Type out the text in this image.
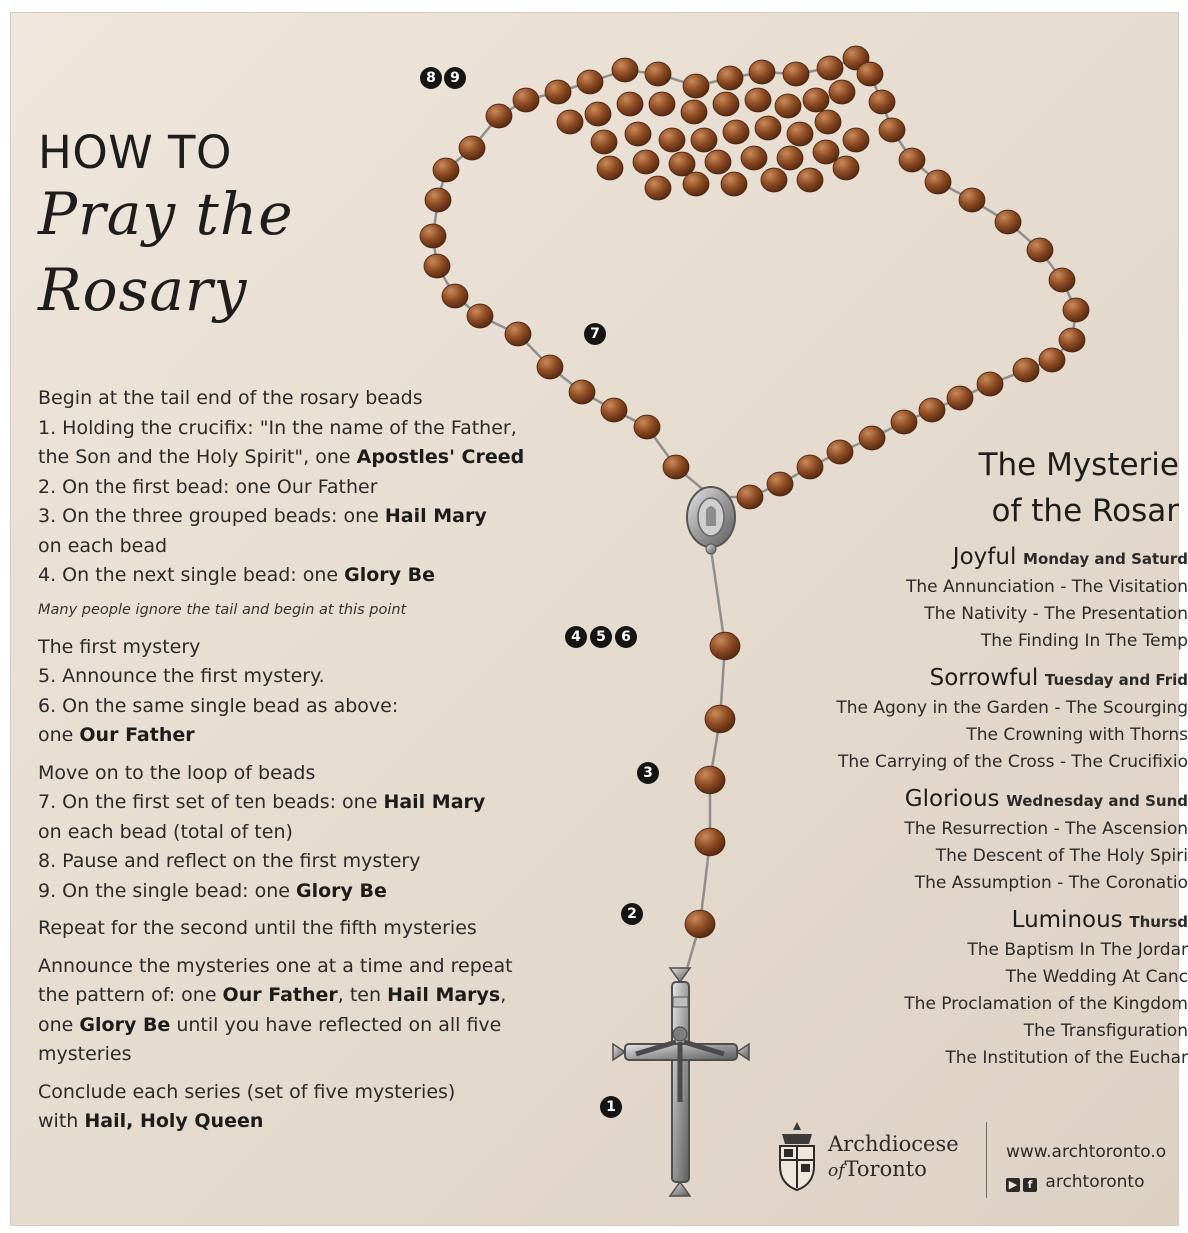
HOW TO
Pray the
Rosary
Begin at the tail end of the rosary beads
1. Holding the crucifix: "In the name of the Father,
the Son and the Holy Spirit", one Apostles' Creed
2. On the first bead: one Our Father
3. On the three grouped beads: one Hail Mary
on each bead
4. On the next single bead: one Glory Be
Many people ignore the tail and begin at this point
The first mystery
5. Announce the first mystery.
6. On the same single bead as above:
one Our Father
Move on to the loop of beads
7. On the first set of ten beads: one Hail Mary
on each bead (total of ten)
8. Pause and reflect on the first mystery
9. On the single bead: one Glory Be
Repeat for the second until the fifth mysteries
Announce the mysteries one at a time and repeat
the pattern of: one Our Father, ten Hail Marys,
one Glory Be until you have reflected on all five
mysteries
Conclude each series (set of five mysteries)
with Hail, Holy Queen
The Mysterie
of the Rosar
Joyful Monday and Saturd
The Annunciation - The Visitation
The Nativity - The Presentation
The Finding In The Temp
Sorrowful Tuesday and Frid
The Agony in the Garden - The Scourging
The Crowning with Thorns
The Carrying of the Cross - The Crucifixio
Glorious Wednesday and Sund
The Resurrection - The Ascension
The Descent of The Holy Spiri
The Assumption - The Coronatio
Luminous Thursd
The Baptism In The Jordar
The Wedding At Canc
The Proclamation of the Kingdom
The Transfiguration
The Institution of the Euchar
8	9
7
4	5	6
3
2
1
Archdiocese
ofToronto
www.archtoronto.o
▶ f archtoronto
